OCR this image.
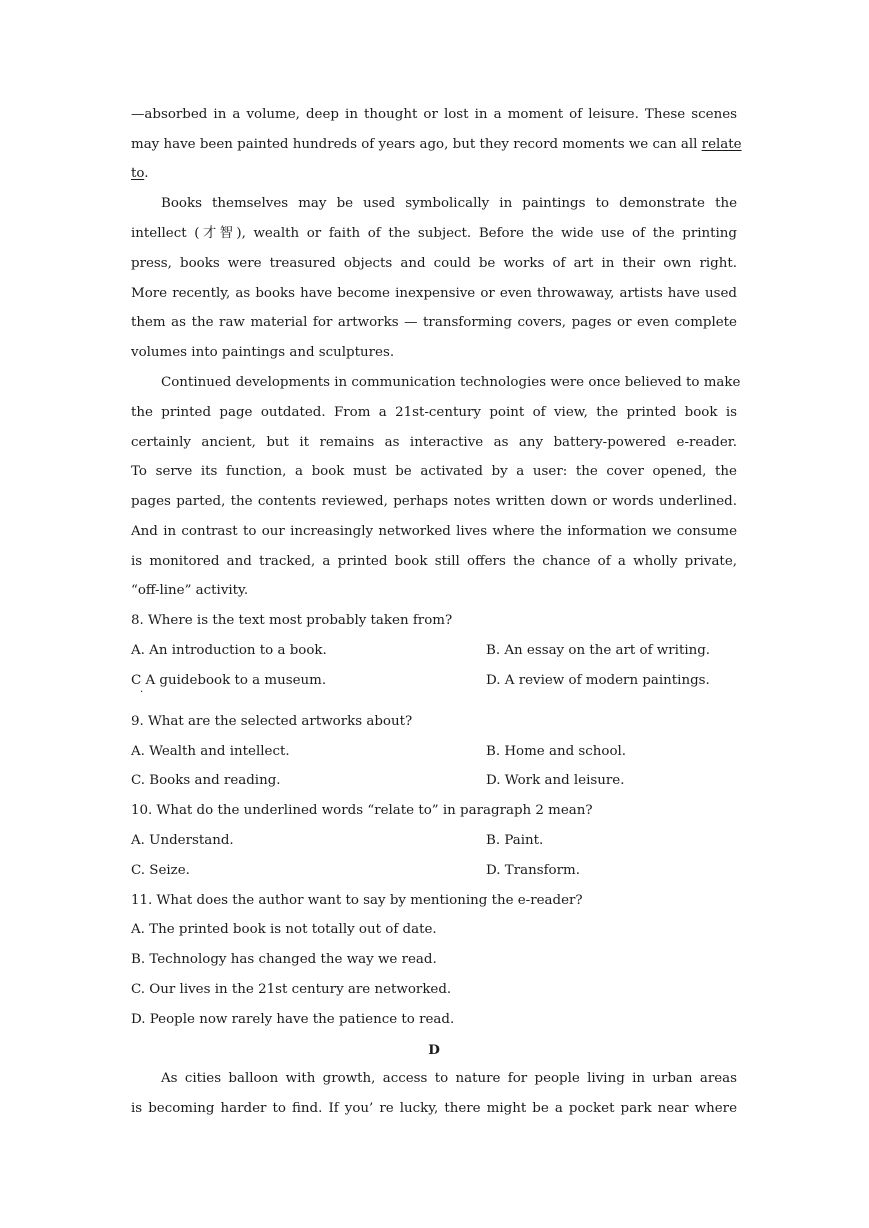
—absorbed in a volume, deep in thought or lost in a moment of leisure. These scenes
may have been painted hundreds of years ago, but they record moments we can all relate
to.
Books themselves may be used symbolically in paintings to demonstrate the
intellect (才智), wealth or faith of the subject. Before the wide use of the printing
press, books were treasured objects and could be works of art in their own right.
More recently, as books have become inexpensive or even throwaway, artists have used
them as the raw material for artworks — transforming covers, pages or even complete
volumes into paintings and sculptures.
Continued developments in communication technologies were once believed to make
the printed page outdated. From a 21st-century point of view, the printed book is
certainly ancient, but it remains as interactive as any battery-powered e-reader.
To serve its function, a book must be activated by a user: the cover opened, the
pages parted, the contents reviewed, perhaps notes written down or words underlined.
And in contrast to our increasingly networked lives where the information we consume
is monitored and tracked, a printed book still offers the chance of a wholly private,
“off-line” activity.
8. Where is the text most probably taken from?
A. An introduction to a book.	B. An essay on the art of writing.
C A guidebook to a museum.	D. A review of modern paintings.
·
9. What are the selected artworks about?
A. Wealth and intellect.	B. Home and school.
C. Books and reading.	D. Work and leisure.
10. What do the underlined words “relate to” in paragraph 2 mean?
A. Understand.	B. Paint.
C. Seize.	D. Transform.
11. What does the author want to say by mentioning the e-reader?
A. The printed book is not totally out of date.
B. Technology has changed the way we read.
C. Our lives in the 21st century are networked.
D. People now rarely have the patience to read.
D
As cities balloon with growth, access to nature for people living in urban areas
is becoming harder to find. If you’ re lucky, there might be a pocket park near where
